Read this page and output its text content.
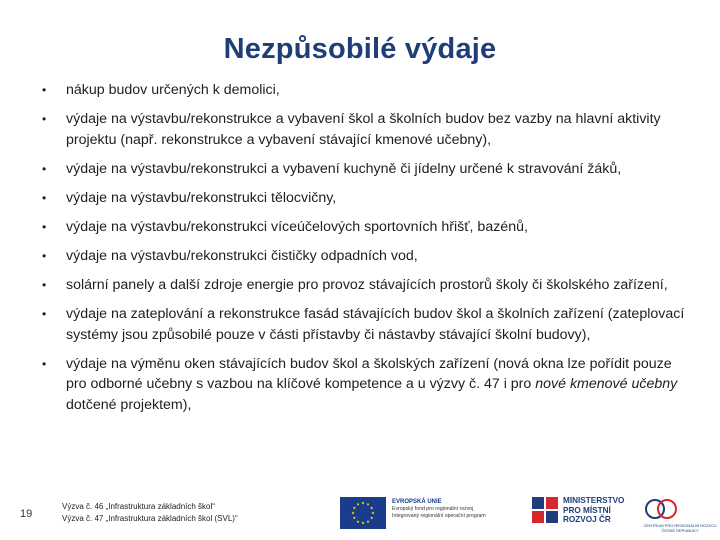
Nezpůsobilé výdaje
• nákup budov určených k demolici,
• výdaje na výstavbu/rekonstrukce a vybavení škol a školních budov bez vazby na hlavní aktivity projektu (např. rekonstrukce a vybavení stávající kmenové učebny),
• výdaje na výstavbu/rekonstrukci a vybavení kuchyně či jídelny určené k stravování žáků,
• výdaje na výstavbu/rekonstrukci tělocvičny,
• výdaje na výstavbu/rekonstrukci víceúčelových sportovních hřišť, bazénů,
• výdaje na výstavbu/rekonstrukci čističky odpadních vod,
• solární panely a další zdroje energie pro provoz stávajících prostorů školy či školského zařízení,
• výdaje na zateplování a rekonstrukce fasád stávajících budov škol a školních zařízení (zateplovací systémy jsou způsobilé pouze v části přístavby či nástavby stávající školní budovy),
• výdaje na výměnu oken stávajících budov škol a školských zařízení (nová okna lze pořídit pouze pro odborné učebny s vazbou na klíčové kompetence a u výzvy č. 47 i pro nové kmenové učebny dotčené projektem),
19
Výzva č. 46 „Infrastruktura základních škol“
Výzva č. 47 „Infrastruktura základních škol (SVL)“
EVROPSKÁ UNIE
Evropský fond pro regionální rozvoj
Integrovaný regionální operační program
MINISTERSTVO
PRO MÍSTNÍ
ROZVOJ ČR
CENTRUM PRO REGIONÁLNÍ ROZVOJ
ČESKÉ REPUBLIKY
